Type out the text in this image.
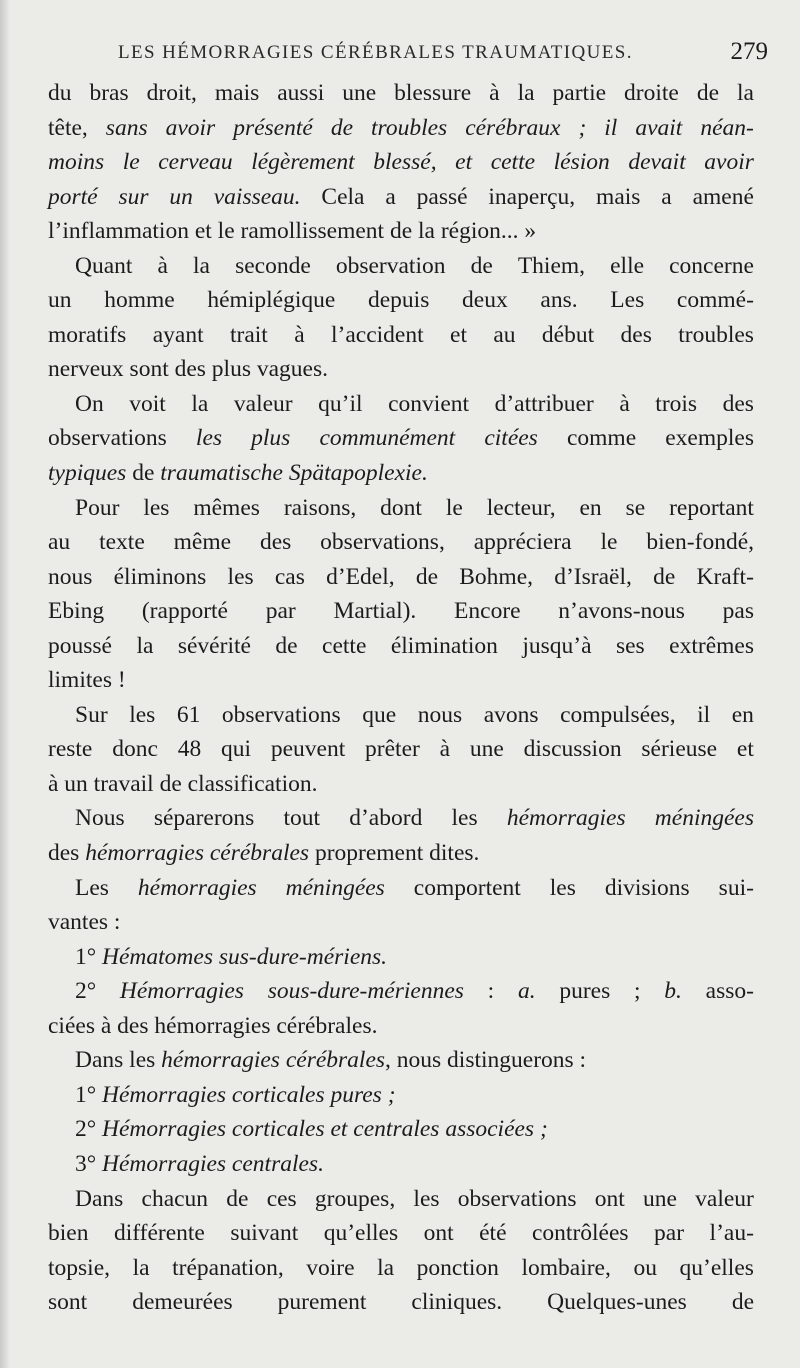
LES HÉMORRAGIES CÉRÉBRALES TRAUMATIQUES.	279
du bras droit, mais aussi une blessure à la partie droite de la
tête, sans avoir présenté de troubles cérébraux ; il avait néan-
moins le cerveau légèrement blessé, et cette lésion devait avoir
porté sur un vaisseau. Cela a passé inaperçu, mais a amené
l’inflammation et le ramollissement de la région... »
Quant à la seconde observation de Thiem, elle concerne
un homme hémiplégique depuis deux ans. Les commé-
moratifs ayant trait à l’accident et au début des troubles
nerveux sont des plus vagues.
On voit la valeur qu’il convient d’attribuer à trois des
observations les plus communément citées comme exemples
typiques de traumatische Spätapoplexie.
Pour les mêmes raisons, dont le lecteur, en se reportant
au texte même des observations, appréciera le bien-fondé,
nous éliminons les cas d’Edel, de Bohme, d’Israël, de Kraft-
Ebing (rapporté par Martial). Encore n’avons-nous pas
poussé la sévérité de cette élimination jusqu’à ses extrêmes
limites !
Sur les 61 observations que nous avons compulsées, il en
reste donc 48 qui peuvent prêter à une discussion sérieuse et
à un travail de classification.
Nous séparerons tout d’abord les hémorragies méningées
des hémorragies cérébrales proprement dites.
Les hémorragies méningées comportent les divisions sui-
vantes :
1° Hématomes sus-dure-mériens.
2° Hémorragies sous-dure-mériennes : a. pures ; b. asso-
ciées à des hémorragies cérébrales.
Dans les hémorragies cérébrales , nous distinguerons :
1° Hémorragies corticales pures ;
2° Hémorragies corticales et centrales associées ;
3° Hémorragies centrales.
Dans chacun de ces groupes, les observations ont une valeur
bien différente suivant qu’elles ont été contrôlées par l’au-
topsie, la trépanation, voire la ponction lombaire, ou qu’elles
sont demeurées purement cliniques. Quelques-unes de
